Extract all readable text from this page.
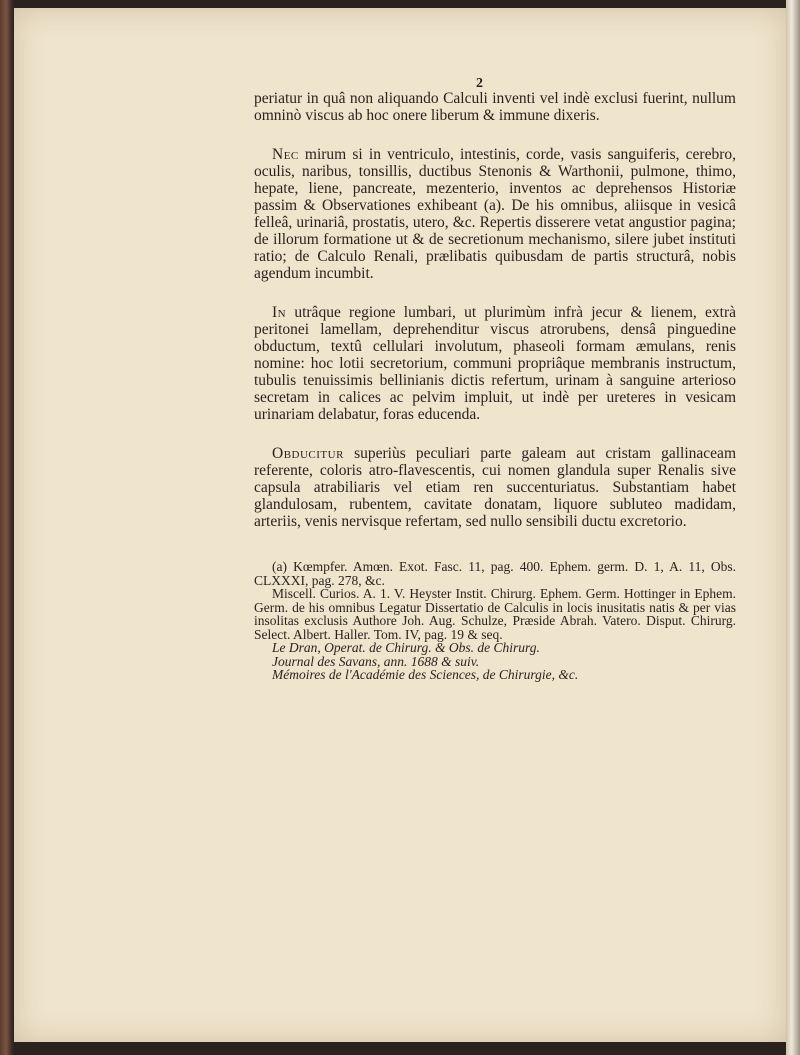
2

periatur in quâ non aliquando Calculi inventi vel indè exclusi fuerint, nullum omninò viscus ab hoc onere liberum & immune dixeris.

Nec mirum si in ventriculo, intestinis, corde, vasis sanguiferis, cerebro, oculis, naribus, tonsillis, ductibus Stenonis & Warthonii, pulmone, thimo, hepate, liene, pancreate, mezenterio, inventos ac deprehensos Historiæ passim & Observationes exhibeant (a). De his omnibus, aliisque in vesicâ felleâ, urinariâ, prostatis, utero, &c. Repertis disserere vetat angustior pagina; de illorum formatione ut & de secretionum mechanismo, silere jubet instituti ratio; de Calculo Renali, prælibatis quibusdam de partis structurâ, nobis agendum incumbit.

In utrâque regione lumbari, ut plurimùm infrà jecur & lienem, extrà peritonei lamellam, deprehenditur viscus atrorubens, densâ pinguedine obductum, textû cellulari involutum, phaseoli formam æmulans, renis nomine: hoc lotii secretorium, communi propriâque membranis instructum, tubulis tenuissimis bellinianis dictis refertum, urinam à sanguine arterioso secretam in calices ac pelvim impluit, ut indè per ureteres in vesicam urinariam delabatur, foras educenda.

Obducitur superiùs peculiari parte galeam aut cristam gallinaceam referente, coloris atro-flavescentis, cui nomen glandula super Renalis sive capsula atrabiliaris vel etiam ren succenturiatus. Substantiam habet glandulosam, rubentem, cavitate donatam, liquore subluteo madidam, arteriis, venis nervisque refertam, sed nullo sensibili ductu excretorio.

(a) Kœmpfer. Amœn. Exot. Fasc. 11, pag. 400. Ephem. germ. D. 1, A. 11, Obs. CLXXXI, pag. 278, &c.
Miscell. Curios. A. 1. V. Heyster Instit. Chirurg. Ephem. Germ. Hottinger in Ephem. Germ. de his omnibus Legatur Dissertatio de Calculis in locis inusitatis natis & per vias insolitas exclusis Authore Joh. Aug. Schulze, Præside Abrah. Vatero. Disput. Chirurg. Select. Albert. Haller. Tom. IV, pag. 19 & seq.
Le Dran, Operat. de Chirurg. & Obs. de Chirurg.
Journal des Savans, ann. 1688 & suiv.
Mémoires de l'Académie des Sciences, de Chirurgie, &c.
